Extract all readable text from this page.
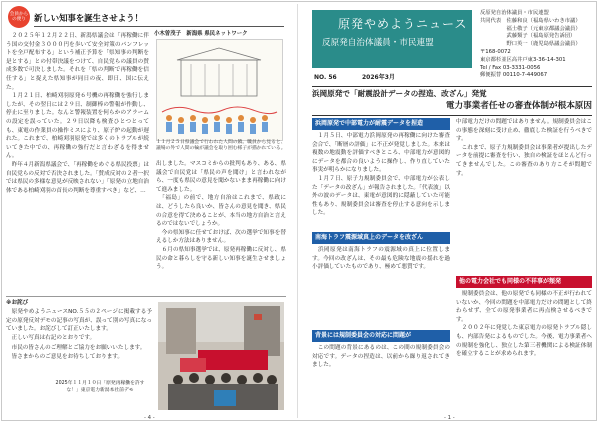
会員からの便り 新しい知事を誕生させよう！
小木曽茂子　新潟県 県民ネットワーク

　２０２５年１２月２２日、新潟県議会は「再稼働に伴う国の交付金３０００円を歩いて安全対策のパンフレットを全戸配布する」という補正予算を「県知事の判断を是とする」との付帯決議をつけて、自民党らの議員の賛成多数で可決しました。それを「県の判断で再稼働を信任する」と捉えた県知事が同日の夜、即日、国に伝えた。

　１月２１日、柏崎刈羽原発６号機の再稼働を強行しましたが、その翌日には２９日、制御棒の警報が作動し、停止に至りました。なんと警報装置を何らかのアラームの設定を誤っていた。２９日以降も検査ひとつとっても、東電の作業員の操作ミスにより、原子炉の起動が遅れた。これまで、柏崎刈羽原発では多くのトラブルが続いてきた中での、再稼働の強行だと言わざるを得ません。

　昨年４月新潟県議会で、「再稼働をめぐる県民投票」は自民党らの反対で否決されました。「賛成反対の２者一択では県民の多様な意見が反映されない」「原発の立地自治体である柏崎刈羽の首長の判断を尊重すべき」など、…

１１月２５日県議会で行われた人間の鎖。職員から見ると、議場の外で人間の輪が議会を取り囲む様子が描かれている。

出しました。マスコミからの批判もあり、ある、県議会で自民党は「県民の声を聞け」と言われながら、一度も県民の意見を聞かないまま再稼働に向けて進みました。

　「福島」の前で、地方自治はこれまで、県政には、どうしたら良いか、皆さんの意見を聞き、県民の合意を得て決めることが、本当の地方自治と言えるのではないでしょうか。

　今の県知事に任せておけば、次の選挙で知事を替えるしか方法はありません。

　６月の県知事選挙では、原発再稼働に反対し、県民の命と暮らしを守る新しい知事を誕生させましょう。

※お詫び

　原発やめようニュースNO.５５の２ページに掲載する予定の原発反対デモの記事の写真が、誤って別の写真になっていました。お詫びして訂正いたします。

　正しい写真は右記のとおりです。

　市民の皆さんのご理解とご協力をお願いいたします。

　皆さまからのご意見をお待ちしております。

2025年１１月１０日「原発再稼働を許すな！」東京電力新潟本社前デモ
- 4 -
原発やめようニュース
反原発自治体議員・市民連盟
NO. 56	2026年3月

反原発自治体議員・市民連盟

共同代表　佐藤和良（福島県いわき市議）

　　　　　福士敬子（元東京都議会議員）

　　　　　武藤類子（福島原発告訴団）

　　　　　野口英一（鹿児島県議会議員）

〒168-0072

東京都杉並区高井戸東3-36-14-301

Tel / Fax 03-3331-0056

郵便振替 00110-7-449067

浜岡原発で「耐震設計データの捏造、改ざん」発覚
電力事業者任せの審査体制が根本原因
浜岡原発で中部電力が耐震データを捏造

　１月５日、中部電力浜岡原発の再稼働に向けた審査会合で、「断層の評価」に不正が発覚しました。本来は複数の地震動を評価すべきところ、中部電力が意図的にデータを都合の良いように操作し、作り直していた事実が明らかになりました。

　１月７日、原子力規制委員会で、中部電力が公表した「データの改ざん」が報告されました。「代表波」以外の波のデータは、東電が意図的に隠蔽していた可能性もあり、規制委員会は審査を停止する意向を示しました。

南海トラフ震源域真上のデータを改ざん

　浜岡原発は南海トラフの震源域の真上に位置します。今回の改ざんは、その最も危険な地震の揺れを過小評価していたものであり、極めて悪質です。

背景には規制委員会の対応に問題が

　この問題の背景にあるのは、この間の規制委員会の対応です。データの捏造は、以前から繰り返されてきました。

中部電力だけの問題ではありません。規制委員会はこの事態を深刻に受け止め、徹底した検証を行うべきです。

　これまで、原子力規制委員会は事業者が提出したデータを前提に審査を行い、独自の検証をほとんど行ってきませんでした。この審査のあり方こそが問題です。

他の電力会社でも同様の不祥事が頻発

　規制委員会は、他の原発でも同様の不正が行われていないか、今回の問題を中部電力だけの問題として終わらせず、全ての原発事業者に再点検させるべきです。

　２００２年に発覚した東京電力の原発トラブル隠しも、内部告発によるものでした。今後、電力事業者への規制を強化し、独立した第三者機関による検証体制を確立することが求められます。

- 1 -
